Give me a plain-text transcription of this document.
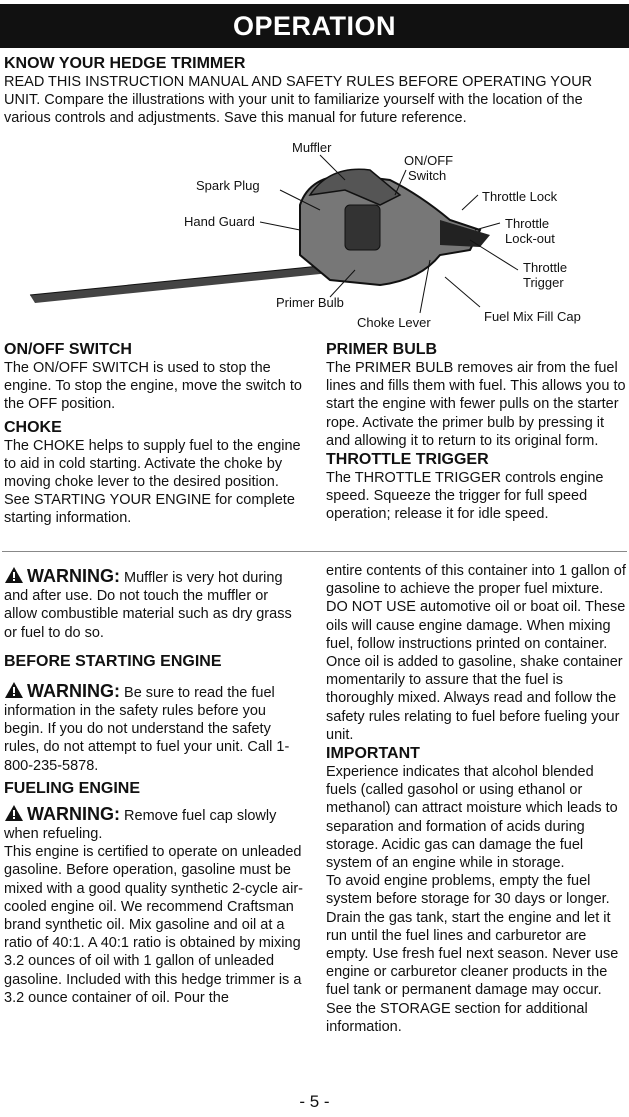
OPERATION

KNOW YOUR HEDGE TRIMMER

READ THIS INSTRUCTION MANUAL AND SAFETY RULES BEFORE OPERATING YOUR UNIT. Compare the illustrations with your unit to familiarize yourself with the location of the various controls and adjustments. Save this manual for future reference.

Muffler
ON/OFF
Switch
Spark Plug
Throttle Lock
Hand Guard	Throttle
Lock-out
Throttle
Trigger
Primer Bulb
Choke Lever	Fuel Mix Fill Cap

ON/OFF SWITCH

The ON/OFF SWITCH is used to stop the engine. To stop the engine, move the switch to the OFF position.

CHOKE

The CHOKE helps to supply fuel to the engine to aid in cold starting. Activate the choke by moving choke lever to the desired position. See STARTING YOUR ENGINE for complete starting information.

PRIMER BULB

The PRIMER BULB removes air from the fuel lines and fills them with fuel. This allows you to start the engine with fewer pulls on the starter rope. Activate the primer bulb by pressing it and allowing it to return to its original form.

THROTTLE TRIGGER

The THROTTLE TRIGGER controls engine speed. Squeeze the trigger for full speed operation; release it for idle speed.

WARNING: Muffler is very hot during and after use. Do not touch the muffler or allow combustible material such as dry grass or fuel to do so.

BEFORE STARTING ENGINE

WARNING: Be sure to read the fuel information in the safety rules before you begin. If you do not understand the safety rules, do not attempt to fuel your unit. Call 1-800-235-5878.

FUELING ENGINE

WARNING: Remove fuel cap slowly when refueling.

This engine is certified to operate on unleaded gasoline. Before operation, gasoline must be mixed with a good quality synthetic 2-cycle air-cooled engine oil. We recommend Craftsman brand synthetic oil. Mix gasoline and oil at a ratio of 40:1. A 40:1 ratio is obtained by mixing 3.2 ounces of oil with 1 gallon of unleaded gasoline. Included with this hedge trimmer is a 3.2 ounce container of oil. Pour the

entire contents of this container into 1 gallon of gasoline to achieve the proper fuel mixture. DO NOT USE automotive oil or boat oil. These oils will cause engine damage. When mixing fuel, follow instructions printed on container. Once oil is added to gasoline, shake container momentarily to assure that the fuel is thoroughly mixed. Always read and follow the safety rules relating to fuel before fueling your unit.

IMPORTANT

Experience indicates that alcohol blended fuels (called gasohol or using ethanol or methanol) can attract moisture which leads to separation and formation of acids during storage. Acidic gas can damage the fuel system of an engine while in storage.

To avoid engine problems, empty the fuel system before storage for 30 days or longer. Drain the gas tank, start the engine and let it run until the fuel lines and carburetor are empty. Use fresh fuel next season. Never use engine or carburetor cleaner products in the fuel tank or permanent damage may occur. See the STORAGE section for additional information.

- 5 -
